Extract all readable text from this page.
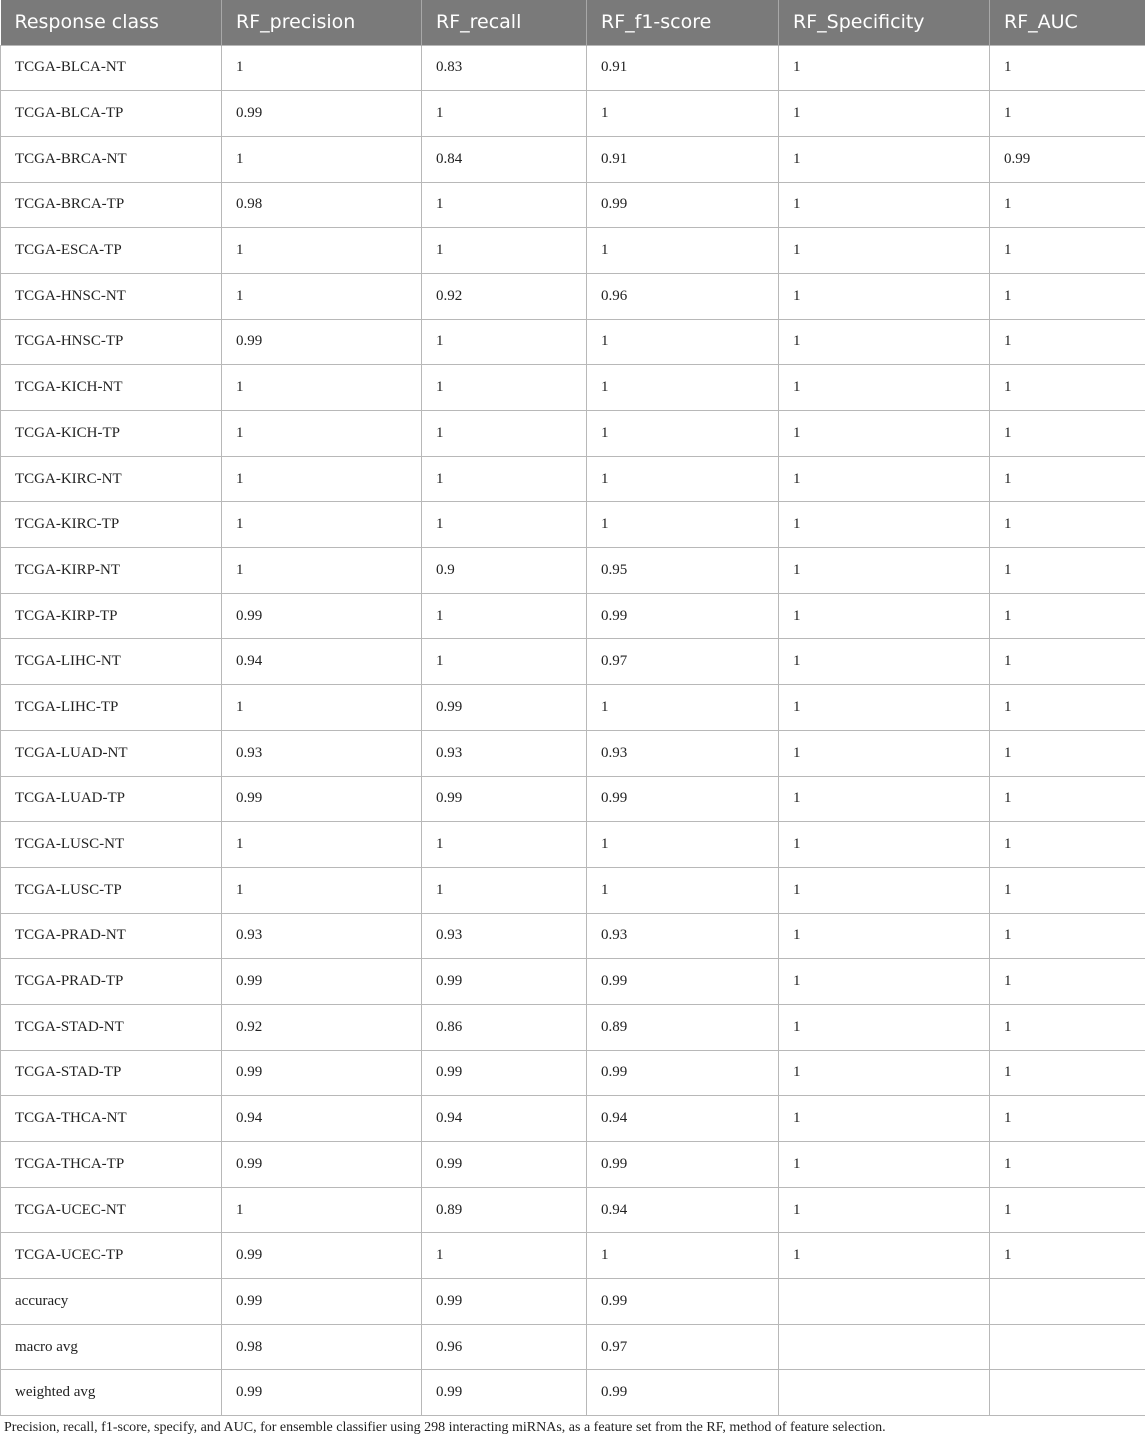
Response class	RF_precision	RF_recall	RF_f1-score	RF_Specificity	RF_AUC
TCGA-BLCA-NT	1	0.83	0.91	1	1
TCGA-BLCA-TP	0.99	1	1	1	1
TCGA-BRCA-NT	1	0.84	0.91	1	0.99
TCGA-BRCA-TP	0.98	1	0.99	1	1
TCGA-ESCA-TP	1	1	1	1	1
TCGA-HNSC-NT	1	0.92	0.96	1	1
TCGA-HNSC-TP	0.99	1	1	1	1
TCGA-KICH-NT	1	1	1	1	1
TCGA-KICH-TP	1	1	1	1	1
TCGA-KIRC-NT	1	1	1	1	1
TCGA-KIRC-TP	1	1	1	1	1
TCGA-KIRP-NT	1	0.9	0.95	1	1
TCGA-KIRP-TP	0.99	1	0.99	1	1
TCGA-LIHC-NT	0.94	1	0.97	1	1
TCGA-LIHC-TP	1	0.99	1	1	1
TCGA-LUAD-NT	0.93	0.93	0.93	1	1
TCGA-LUAD-TP	0.99	0.99	0.99	1	1
TCGA-LUSC-NT	1	1	1	1	1
TCGA-LUSC-TP	1	1	1	1	1
TCGA-PRAD-NT	0.93	0.93	0.93	1	1
TCGA-PRAD-TP	0.99	0.99	0.99	1	1
TCGA-STAD-NT	0.92	0.86	0.89	1	1
TCGA-STAD-TP	0.99	0.99	0.99	1	1
TCGA-THCA-NT	0.94	0.94	0.94	1	1
TCGA-THCA-TP	0.99	0.99	0.99	1	1
TCGA-UCEC-NT	1	0.89	0.94	1	1
TCGA-UCEC-TP	0.99	1	1	1	1
accuracy	0.99	0.99	0.99		
macro avg	0.98	0.96	0.97		
weighted avg	0.99	0.99	0.99		

Precision, recall, f1-score, specify, and AUC, for ensemble classifier using 298 interacting miRNAs, as a feature set from the RF, method of feature selection.
